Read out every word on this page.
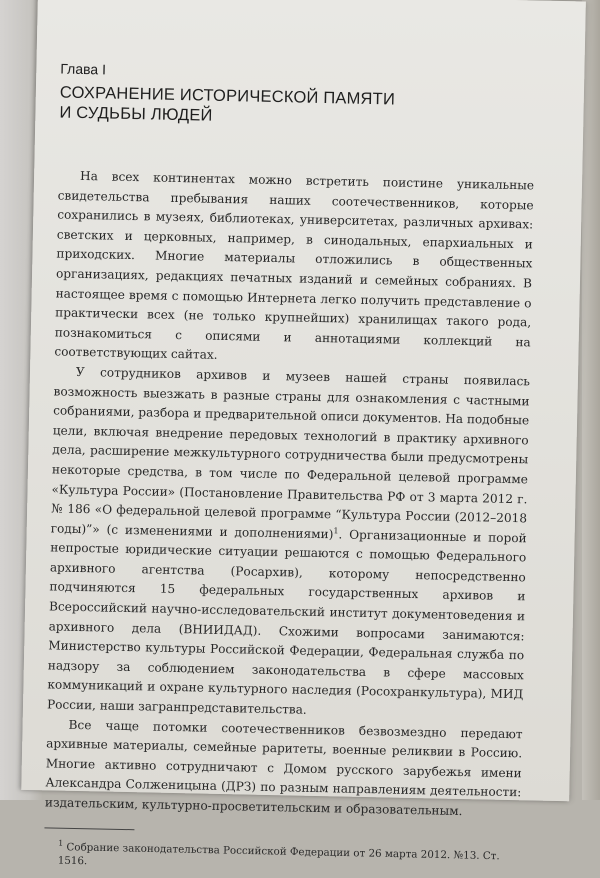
Глава I
СОХРАНЕНИЕ ИСТОРИЧЕСКОЙ ПАМЯТИ
И СУДЬБЫ ЛЮДЕЙ

На всех континентах можно встретить поистине уникальные свидетельства пребывания наших соотечественников, которые сохранились в музеях, библиотеках, университетах, различных архивах: светских и церковных, например, в синодальных, епархиальных и приходских. Многие материалы отложились в общественных организациях, редакциях печатных изданий и семейных собраниях. В настоящее время с помощью Интернета легко получить представление о практически всех (не только крупнейших) хранилищах такого рода, познакомиться с описями и аннотациями коллекций на соответствующих сайтах.

У сотрудников архивов и музеев нашей страны появилась возможность выезжать в разные страны для ознакомления с частными собраниями, разбора и предварительной описи документов. На подобные цели, включая внедрение передовых технологий в практику архивного дела, расширение межкультурного сотрудничества были предусмотрены некоторые средства, в том числе по Федеральной целевой программе «Культура России» (Постановление Правительства РФ от 3 марта 2012 г. № 186 «О федеральной целевой программе “Культура России (2012–2018 годы)”» (с изменениями и дополнениями)$^1$. Организационные и порой непростые юридические ситуации решаются с помощью Федерального архивного агентства (Росархив), которому непосредственно подчиняются 15 федеральных государственных архивов и Всероссийский научно-исследовательский институт документоведения и архивного дела (ВНИИДАД). Схожими вопросами занимаются: Министерство культуры Российской Федерации, Федеральная служба по надзору за соблюдением законодательства в сфере массовых коммуникаций и охране культурного наследия (Росохранкультура), МИД России, наши загранпредставительства.

Все чаще потомки соотечественников безвозмездно передают архивные материалы, семейные раритеты, военные реликвии в Россию. Многие активно сотрудничают с Домом русского зарубежья имени Александра Солженицына (ДРЗ) по разным направлениям деятельности: издательским, культурно-просветительским и образовательным.

$^1$ Собрание законодательства Российской Федерации от 26 марта 2012. №13. Ст. 1516.
